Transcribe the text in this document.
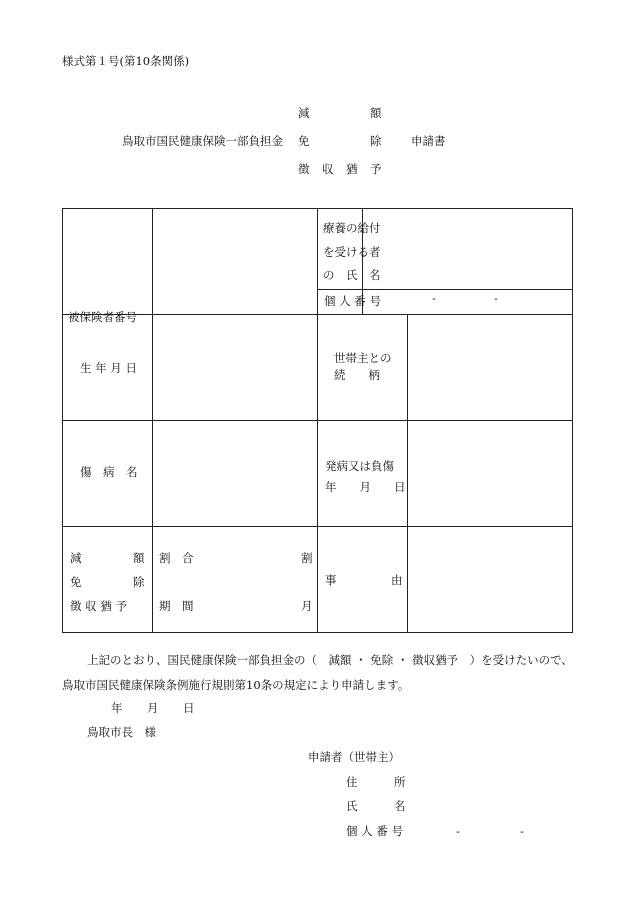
様式第１号(第10条関係)
減	額
鳥取市国民健康保険一部負担金 免	除	申請書
徴 収 猶 予
被保険者番号		療養の給付
を受ける者
の　氏　名		

		個 人 番 号	- -	

生 年 月 日		世帯主との
続　　柄		

傷　病　名		発病又は負傷
年　　月　　日		

減 額
免 除
徴 収 猶 予	割　合 割
期　間 月	事 由		

上記のとおり、国民健康保険一部負担金の（　減額 ・ 免除 ・ 徴収猶予　）を受けたいので、
鳥取市国民健康保険条例施行規則第10条の規定により申請します。
年 月 日
鳥取市長　様
申請者（世帯主）
住	所
氏	名
個 人 番 号	-	-
